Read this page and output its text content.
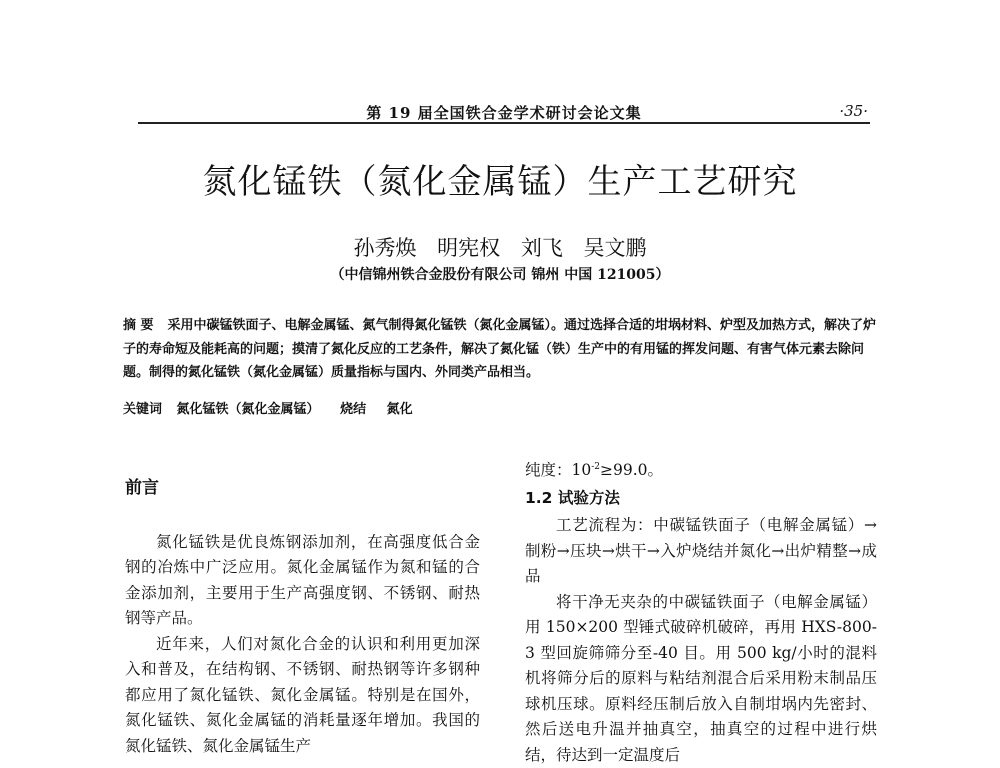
第 19 届全国铁合金学术研讨会论文集	·35·
氮化锰铁（氮化金属锰）生产工艺研究
孙秀焕 明宪权 刘飞 吴文鹏
（中信锦州铁合金股份有限公司 锦州 中国 121005）
摘 要 采用中碳锰铁面子、电解金属锰、氮气制得氮化锰铁（氮化金属锰）。通过选择合适的坩埚材料、炉型及加热方式，解决了炉子的寿命短及能耗高的问题；摸清了氮化反应的工艺条件，解决了氮化锰（铁）生产中的有用锰的挥发问题、有害气体元素去除问题。制得的氮化锰铁（氮化金属锰）质量指标与国内、外同类产品相当。
关键词 氮化锰铁（氮化金属锰） 烧结 氮化
前言

氮化锰铁是优良炼钢添加剂，在高强度低合金钢的冶炼中广泛应用。氮化金属锰作为氮和锰的合金添加剂，主要用于生产高强度钢、不锈钢、耐热钢等产品。

近年来，人们对氮化合金的认识和利用更加深入和普及，在结构钢、不锈钢、耐热钢等许多钢种都应用了氮化锰铁、氮化金属锰。特别是在国外，氮化锰铁、氮化金属锰的消耗量逐年增加。我国的氮化锰铁、氮化金属锰生产

纯度：$10^{-2}\ge 99.0$。

1.2 试验方法

工艺流程为：中碳锰铁面子（电解金属锰）→制粉→压块→烘干→入炉烧结并氮化→出炉精整→成品

将干净无夹杂的中碳锰铁面子（电解金属锰）用 150×200 型锤式破碎机破碎，再用 HXS-800-3 型回旋筛筛分至-40 目。用 500 kg/小时的混料机将筛分后的原料与粘结剂混合后采用粉末制品压球机压球。原料经压制后放入自制坩埚内先密封、然后送电升温并抽真空，抽真空的过程中进行烘结，待达到一定温度后
